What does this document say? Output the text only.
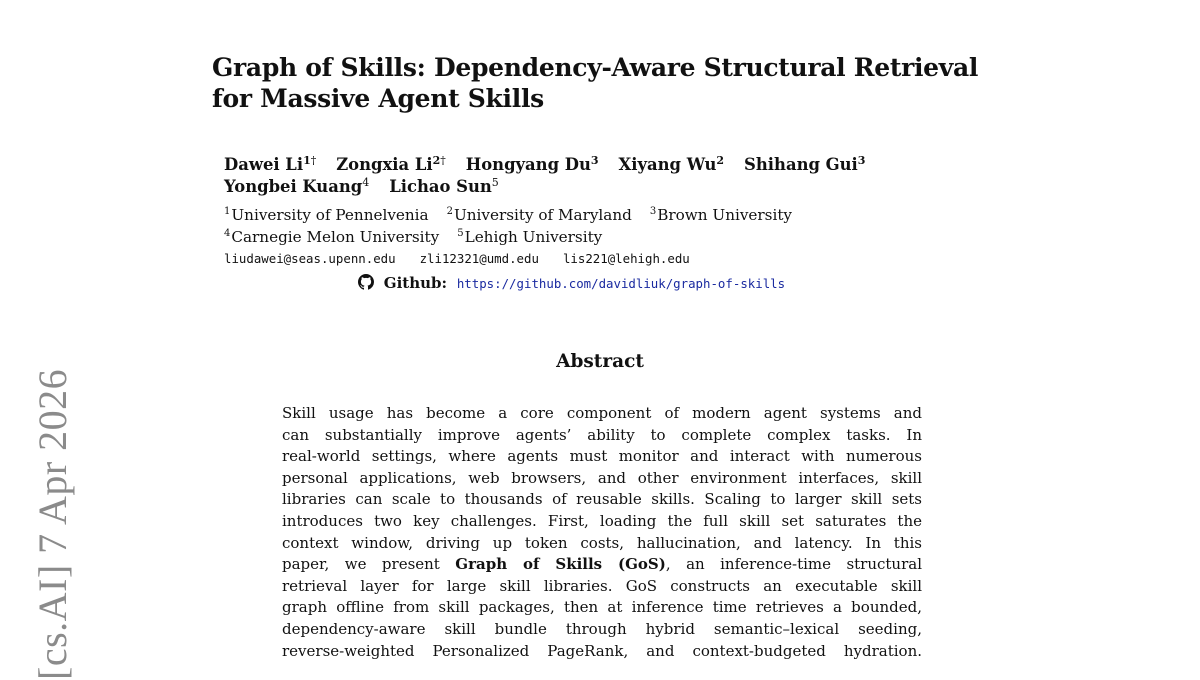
[cs.AI] 7 Apr 2026
Graph of Skills: Dependency-Aware Structural Retrieval
for Massive Agent Skills
Dawei $Li^{1\dagger}$ Zongxia $Li^{2\dagger}$ Hongyang Du$^3$ Xiyang Wu$^2$ Shihang Gui$^3$
Yongbei Kuang$^4$ Lichao Sun$^5$
$^1$University of Pennelvenia $^2$University of Maryland $^3$Brown University
$^4$Carnegie Melon University $^5$Lehigh University
liudawei@seas.upenn.edu zli12321@umd.edu lis221@lehigh.edu
Github: https://github.com/davidliuk/graph-of-skills
Abstract
Skill usage has become a core component of modern agent systems and
can substantially improve agents’ ability to complete complex tasks. In
real-world settings, where agents must monitor and interact with numerous
personal applications, web browsers, and other environment interfaces, skill
libraries can scale to thousands of reusable skills. Scaling to larger skill sets
introduces two key challenges. First, loading the full skill set saturates the
context window, driving up token costs, hallucination, and latency. In this
paper, we present Graph of Skills (GoS), an inference-time structural
retrieval layer for large skill libraries. GoS constructs an executable skill
graph offline from skill packages, then at inference time retrieves a bounded,
dependency-aware skill bundle through hybrid semantic–lexical seeding,
reverse-weighted Personalized PageRank, and context-budgeted hydration.
